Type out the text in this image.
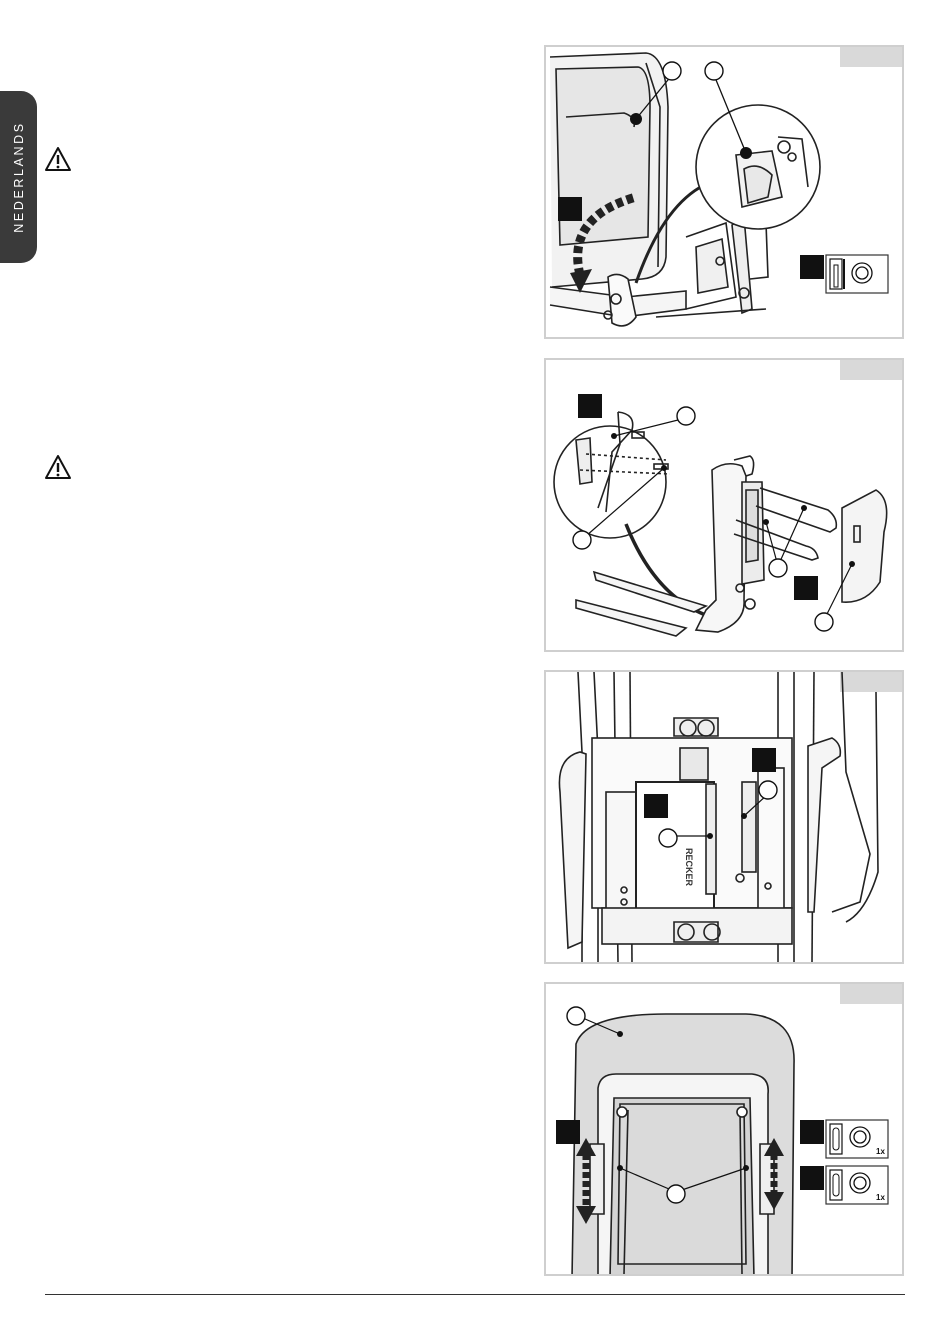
NEDERLANDS
RECKER
1x
1x
